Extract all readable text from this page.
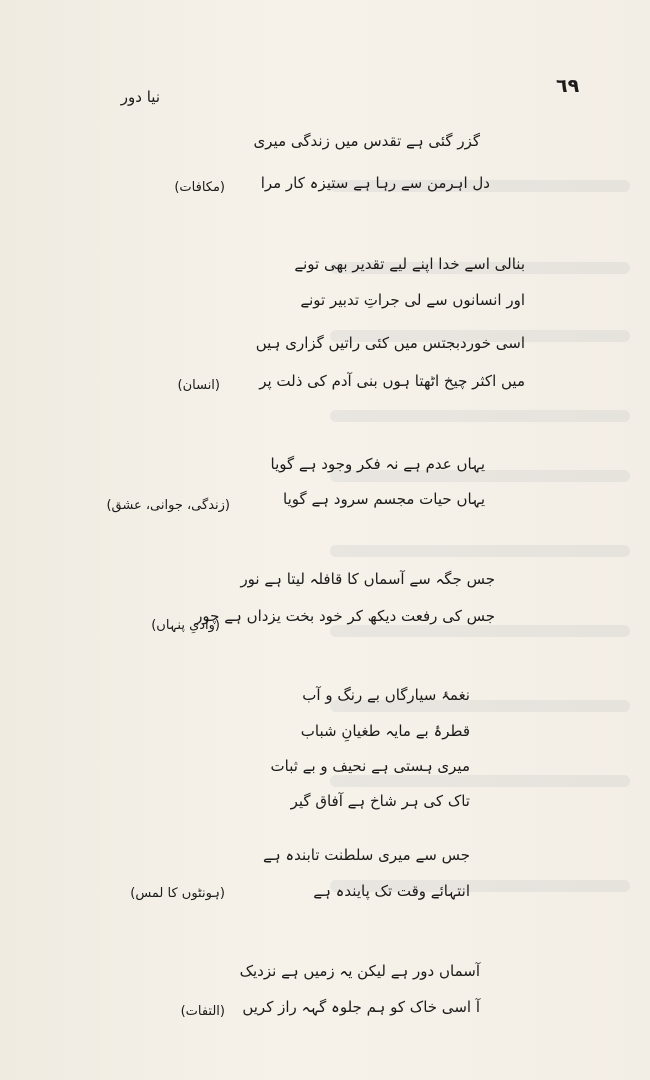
نیا دور	٦٩
گزر گئی ہے تقدس میں زندگی میری
دل اہرمن سے رہا ہے ستیزہ کار مرا
(مکافات)
بنالی اسے خدا اپنے لیے تقدیر بھی تونے
اور انسانوں سے لی جراتِ تدبیر تونے
اسی خوردبجتس میں کئی راتیں گزاری ہیں
میں اکثر چیخ اٹھتا ہوں بنی آدم کی ذلت پر
(انسان)
یہاں عدم ہے نہ فکر وجود ہے گویا
یہاں حیات مجسم سرود ہے گویا
(زندگی، جوانی، عشق)
جس جگہ سے آسماں کا قافلہ لیتا ہے نور
جس کی رفعت دیکھ کر خود بخت یزداں ہے چور
(وادیِ پنہاں)
نغمۂ سیارگاں بے رنگ و آب
قطرۂ بے مایہ طغیانِ شباب
میری ہستی ہے نحیف و بے ثبات
تاک کی ہر شاخ ہے آفاق گیر
جس سے میری سلطنت تابندہ ہے
انتہائے وقت تک پایندہ ہے
(ہونٹوں کا لمس)
آسماں دور ہے لیکن یہ زمیں ہے نزدیک
آ اسی خاک کو ہم جلوہ گہہ راز کریں
(التفات)
